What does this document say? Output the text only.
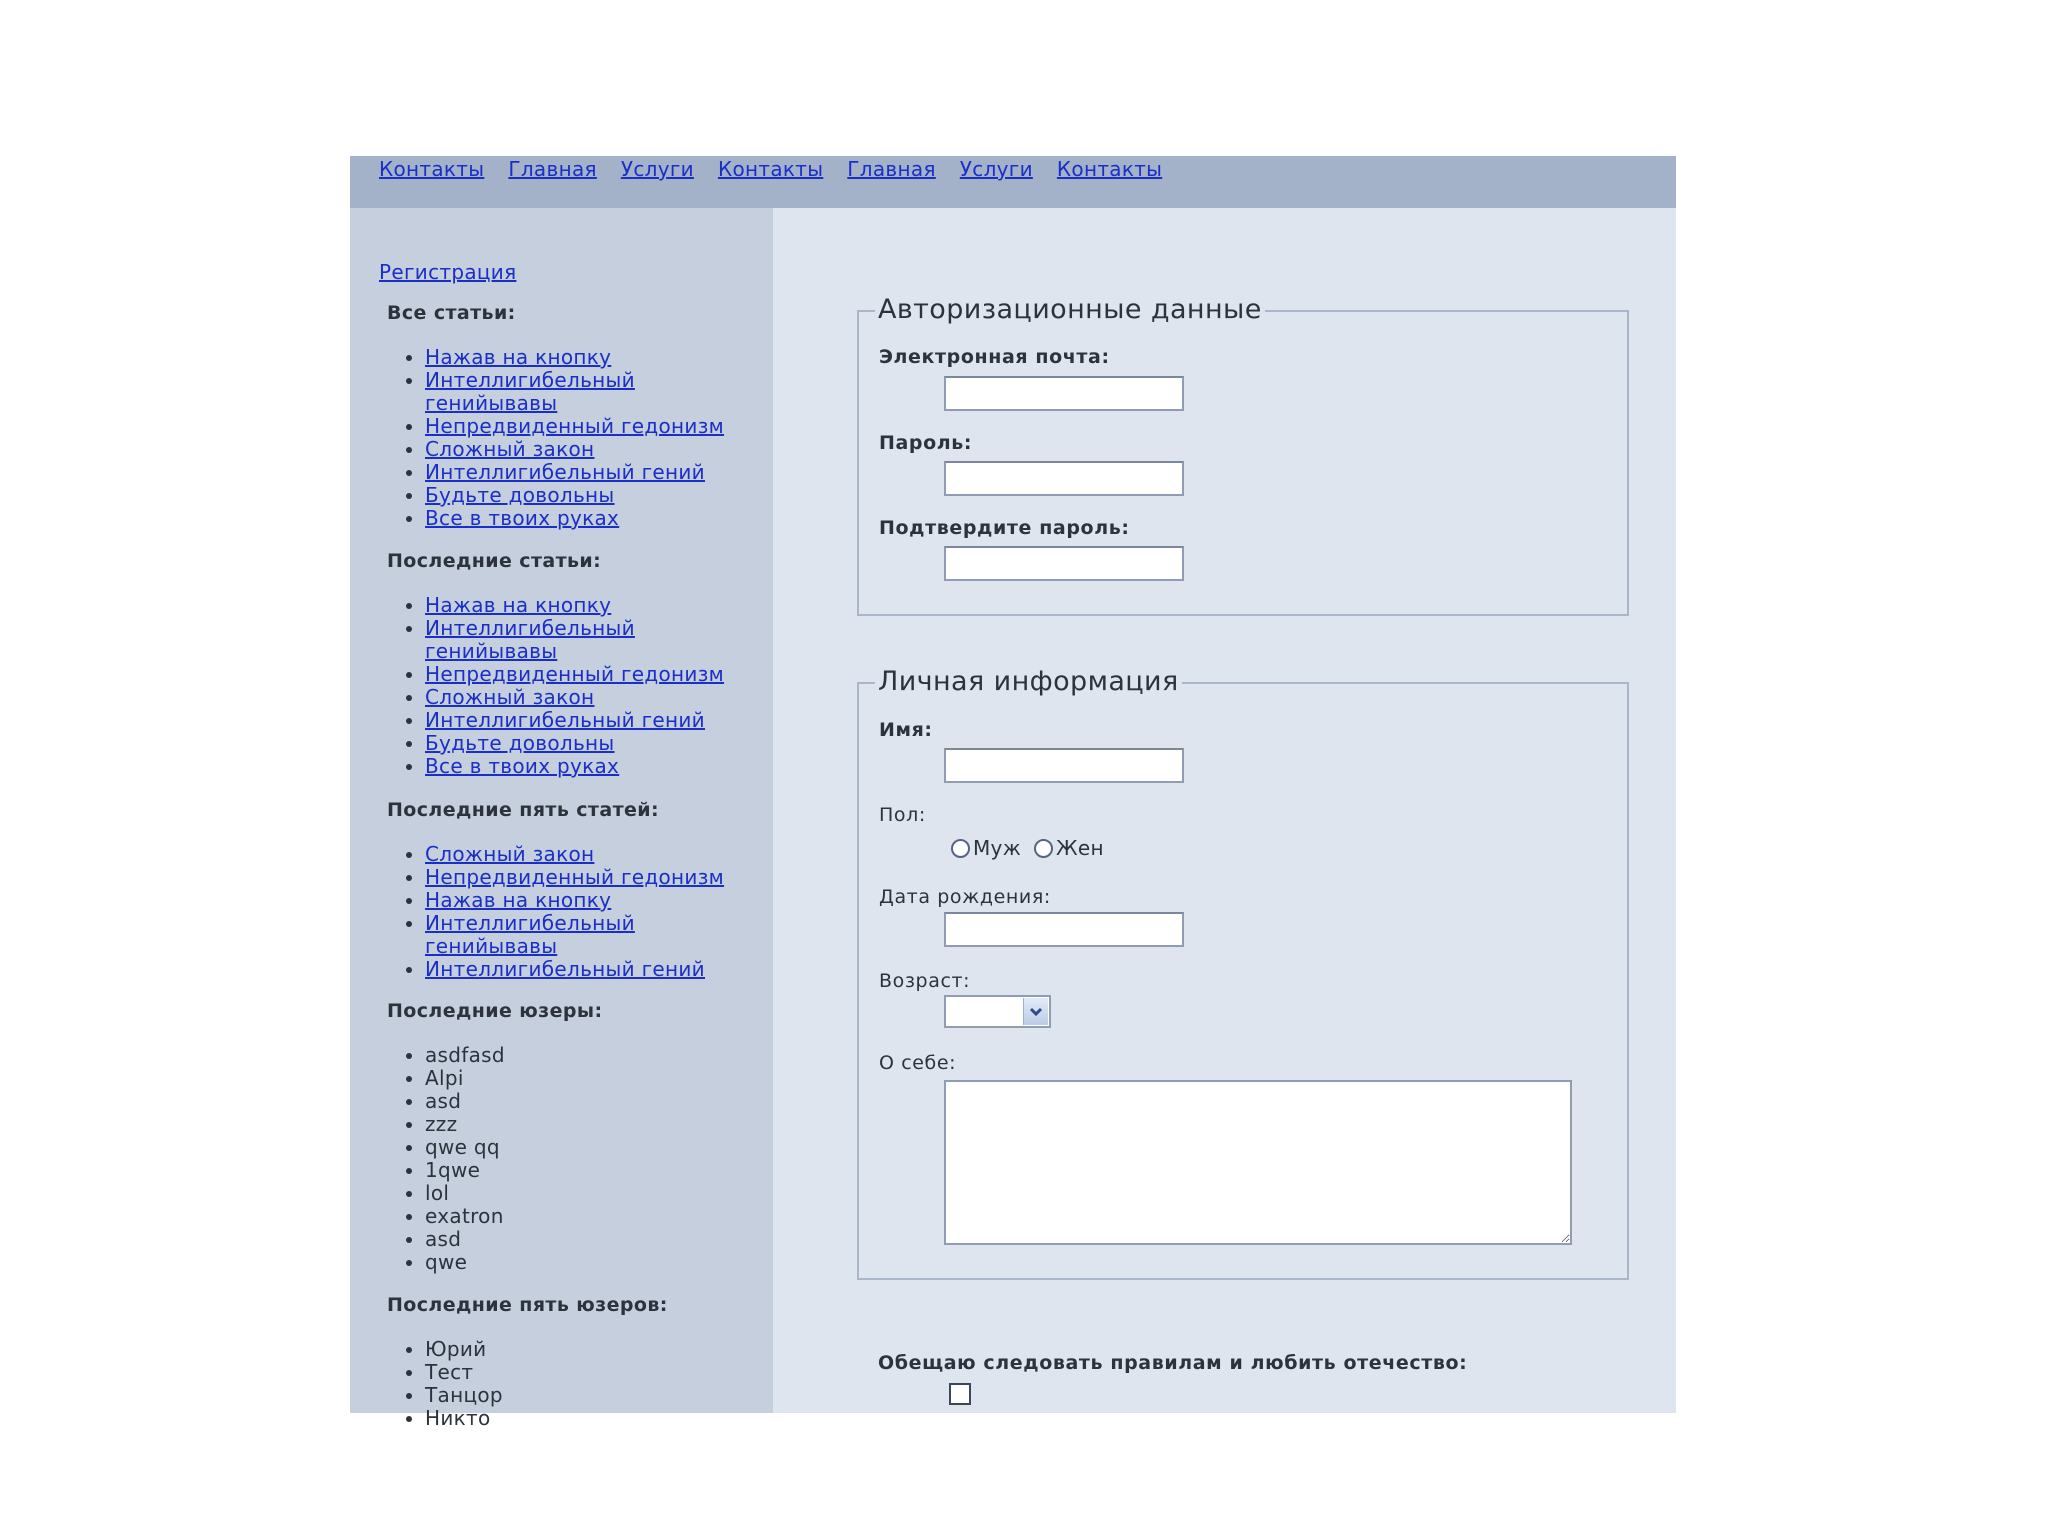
Контакты Главная Услуги Контакты Главная Услуги Контакты
Регистрация
Все статьи:
• Нажав на кнопку
• Интеллигибельный генийывавы
• Непредвиденный гедонизм
• Сложный закон
• Интеллигибельный гений
• Будьте довольны
• Все в твоих руках
Последние статьи:
• Нажав на кнопку
• Интеллигибельный генийывавы
• Непредвиденный гедонизм
• Сложный закон
• Интеллигибельный гений
• Будьте довольны
• Все в твоих руках
Последние пять статей:
• Сложный закон
• Непредвиденный гедонизм
• Нажав на кнопку
• Интеллигибельный генийывавы
• Интеллигибельный гений
Последние юзеры:
• asdfasd
• Alpi
• asd
• zzz
• qwe qq
• 1qwe
• lol
• exatron
• asd
• qwe
Последние пять юзеров:
• Юрий
• Тест
• Танцор
• Никто
Авторизационные данные
Электронная почта:
Пароль:
Подтвердите пароль:
Личная информация
Имя:
Пол:
Муж Жен
Дата рождения:
Возраст:
О себе:
Обещаю следовать правилам и любить отечество:
